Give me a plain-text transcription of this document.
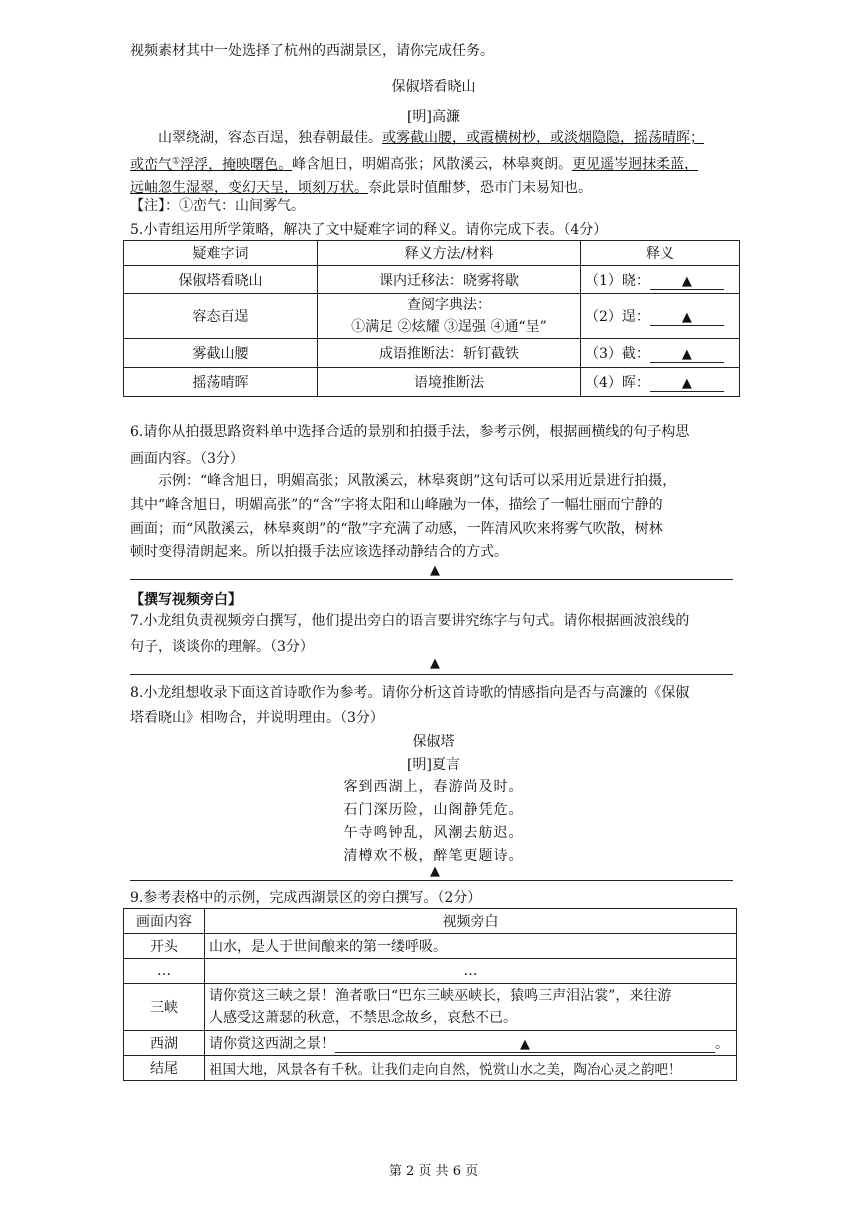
视频素材其中一处选择了杭州的西湖景区，请你完成任务。
保俶塔看晓山
[明]高濂
山翠绕湖，容态百逞，独春朝最佳。或雾截山腰，或霞横树杪，或淡烟隐隐，摇荡晴晖；
或峦气①浮浮，掩映曙色。峰含旭日，明媚高张；风散溪云，林皋爽朗。更见遥岑迥抹柔蓝，
远岫忽生湿翠，变幻天呈，顷刻万状。奈此景时值酣梦，恐市门未易知也。
【注】：①峦气：山间雾气。
5.小青组运用所学策略，解决了文中疑难字词的释义。请你完成下表。（4分）
疑难字词	释义方法/材料	释义
保俶塔看晓山	课内迁移法：晓雾将歇	（1）晓： ▲
容态百逞	查阅字典法：
①满足 ②炫耀 ③逞强 ④通“呈”	（2）逞： ▲
雾截山腰	成语推断法：斩钉截铁	（3）截： ▲
摇荡晴晖	语境推断法	（4）晖： ▲
6.请你从拍摄思路资料单中选择合适的景别和拍摄手法，参考示例，根据画横线的句子构思
画面内容。（3分）
示例：“峰含旭日，明媚高张；风散溪云，林皋爽朗”这句话可以采用近景进行拍摄，
其中“峰含旭日，明媚高张”的“含”字将太阳和山峰融为一体，描绘了一幅壮丽而宁静的
画面；而“风散溪云，林皋爽朗”的“散”字充满了动感，一阵清风吹来将雾气吹散，树林
顿时变得清朗起来。所以拍摄手法应该选择动静结合的方式。
▲
【撰写视频旁白】
7.小龙组负责视频旁白撰写，他们提出旁白的语言要讲究练字与句式。请你根据画波浪线的
句子，谈谈你的理解。（3分）
▲
8.小龙组想收录下面这首诗歌作为参考。请你分析这首诗歌的情感指向是否与高濂的《保俶
塔看晓山》相吻合，并说明理由。（3分）
保俶塔
[明]夏言
客到西湖上，春游尚及时。
石门深历险，山阁静凭危。
午寺鸣钟乱，风潮去舫迟。
清樽欢不极，醉笔更题诗。
▲
9.参考表格中的示例，完成西湖景区的旁白撰写。（2分）
画面内容	视频旁白
开头	山水，是人于世间酿来的第一缕呼吸。
…	…
三峡	请你赏这三峡之景！渔者歌曰“巴东三峡巫峡长，猿鸣三声泪沾裳”，来往游
人感受这萧瑟的秋意，不禁思念故乡，哀愁不已。
西湖	请你赏这西湖之景！ ▲ 。
结尾	祖国大地，风景各有千秋。让我们走向自然，悦赏山水之美，陶冶心灵之韵吧！
第 2 页 共 6 页
